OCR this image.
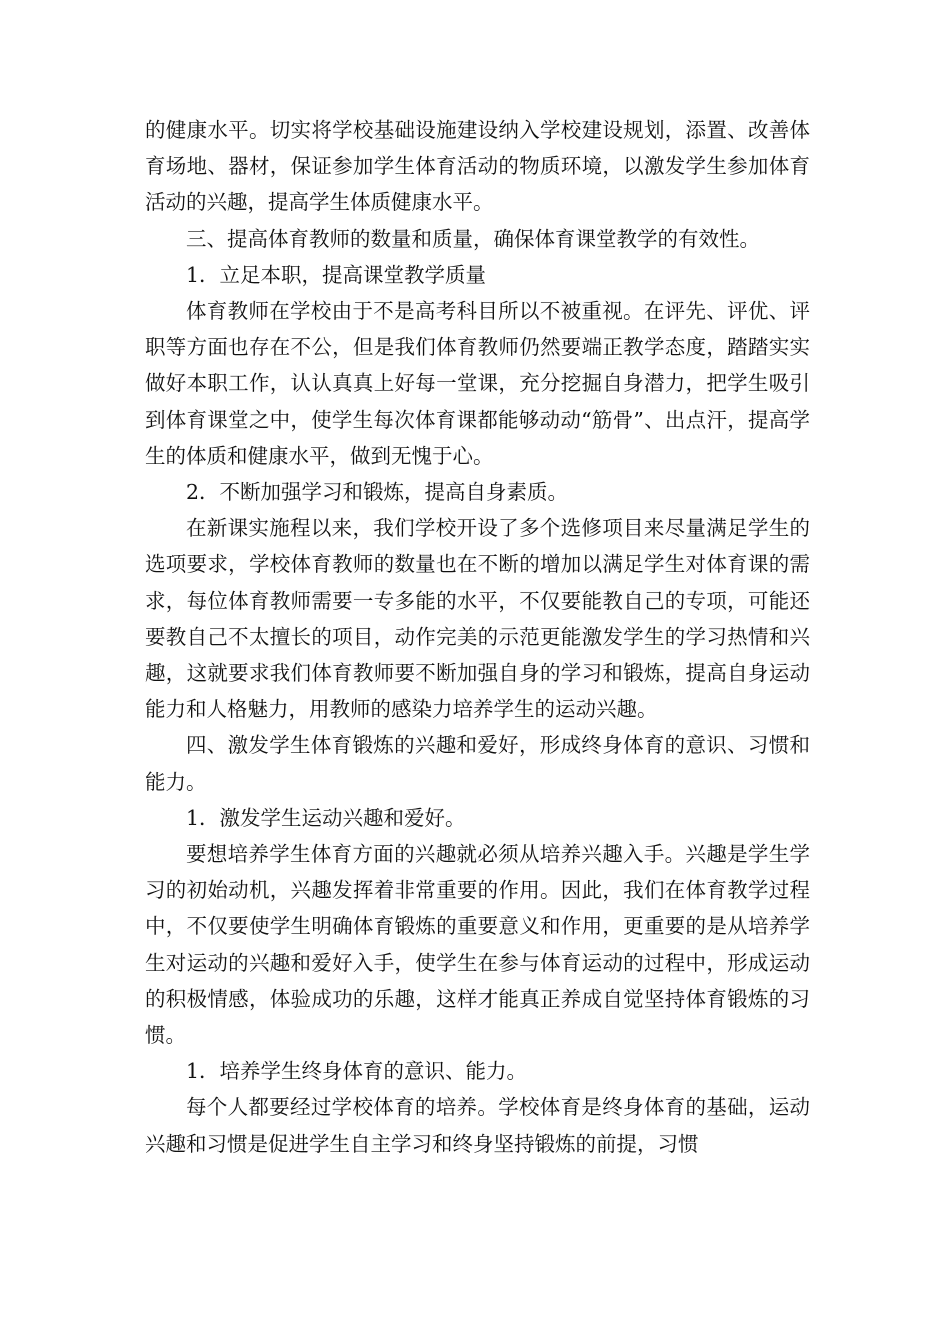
的健康水平。切实将学校基础设施建设纳入学校建设规划，添置、改善体育场地、器材，保证参加学生体育活动的物质环境，以激发学生参加体育活动的兴趣，提高学生体质健康水平。

三、提高体育教师的数量和质量，确保体育课堂教学的有效性。

1．立足本职，提高课堂教学质量

体育教师在学校由于不是高考科目所以不被重视。在评先、评优、评职等方面也存在不公，但是我们体育教师仍然要端正教学态度，踏踏实实做好本职工作，认认真真上好每一堂课，充分挖掘自身潜力，把学生吸引到体育课堂之中，使学生每次体育课都能够动动“筋骨”、出点汗，提高学生的体质和健康水平，做到无愧于心。

2．不断加强学习和锻炼，提高自身素质。

在新课实施程以来，我们学校开设了多个选修项目来尽量满足学生的选项要求，学校体育教师的数量也在不断的增加以满足学生对体育课的需求，每位体育教师需要一专多能的水平，不仅要能教自己的专项，可能还要教自己不太擅长的项目，动作完美的示范更能激发学生的学习热情和兴趣，这就要求我们体育教师要不断加强自身的学习和锻炼，提高自身运动能力和人格魅力，用教师的感染力培养学生的运动兴趣。

四、激发学生体育锻炼的兴趣和爱好，形成终身体育的意识、习惯和能力。

1．激发学生运动兴趣和爱好。

要想培养学生体育方面的兴趣就必须从培养兴趣入手。兴趣是学生学习的初始动机，兴趣发挥着非常重要的作用。因此，我们在体育教学过程中，不仅要使学生明确体育锻炼的重要意义和作用，更重要的是从培养学生对运动的兴趣和爱好入手，使学生在参与体育运动的过程中，形成运动的积极情感，体验成功的乐趣，这样才能真正养成自觉坚持体育锻炼的习惯。

1．培养学生终身体育的意识、能力。

每个人都要经过学校体育的培养。学校体育是终身体育的基础，运动兴趣和习惯是促进学生自主学习和终身坚持锻炼的前提，习惯
